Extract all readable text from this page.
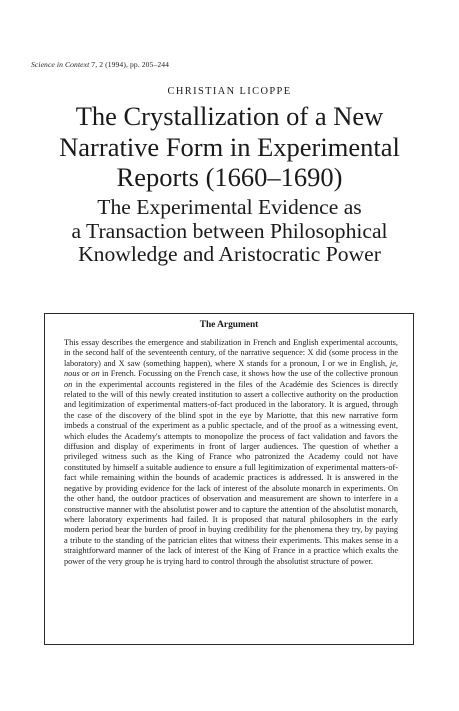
Science in Context 7, 2 (1994), pp. 205–244
CHRISTIAN LICOPPE
The Crystallization of a New
Narrative Form in Experimental
Reports (1660–1690)
The Experimental Evidence as
a Transaction between Philosophical
Knowledge and Aristocratic Power
The Argument

This essay describes the emergence and stabilization in French and English experimental accounts, in the second half of the seventeenth century, of the narrative sequence: X did (some process in the laboratory) and X saw (something happen), where X stands for a pronoun, I or we in English, je, nous or on in French. Focussing on the French case, it shows how the use of the collective pronoun on in the experimental accounts registered in the files of the Académie des Sciences is directly related to the will of this newly created institution to assert a collective authority on the production and legitimization of experimental matters-of-fact produced in the laboratory. It is argued, through the case of the discovery of the blind spot in the eye by Mariotte, that this new narrative form imbeds a construal of the experiment as a public spectacle, and of the proof as a witnessing event, which eludes the Academy's attempts to monopolize the process of fact validation and favors the diffusion and display of experiments in front of larger audiences. The question of whether a privileged witness such as the King of France who patronized the Academy could not have constituted by himself a suitable audience to ensure a full legitimization of experimental matters-of-fact while remaining within the bounds of academic practices is addressed. It is answered in the negative by providing evidence for the lack of interest of the absolute monarch in experiments. On the other hand, the outdoor practices of observation and measurement are shown to interfere in a constructive manner with the absolutist power and to capture the attention of the absolutist monarch, where laboratory experiments had failed. It is proposed that natural philosophers in the early modern period bear the burden of proof in buying credibility for the phenomena they try, by paying a tribute to the standing of the patrician elites that witness their experiments. This makes sense in a straightforward manner of the lack of interest of the King of France in a practice which exalts the power of the very group he is trying hard to control through the absolutist structure of power.
